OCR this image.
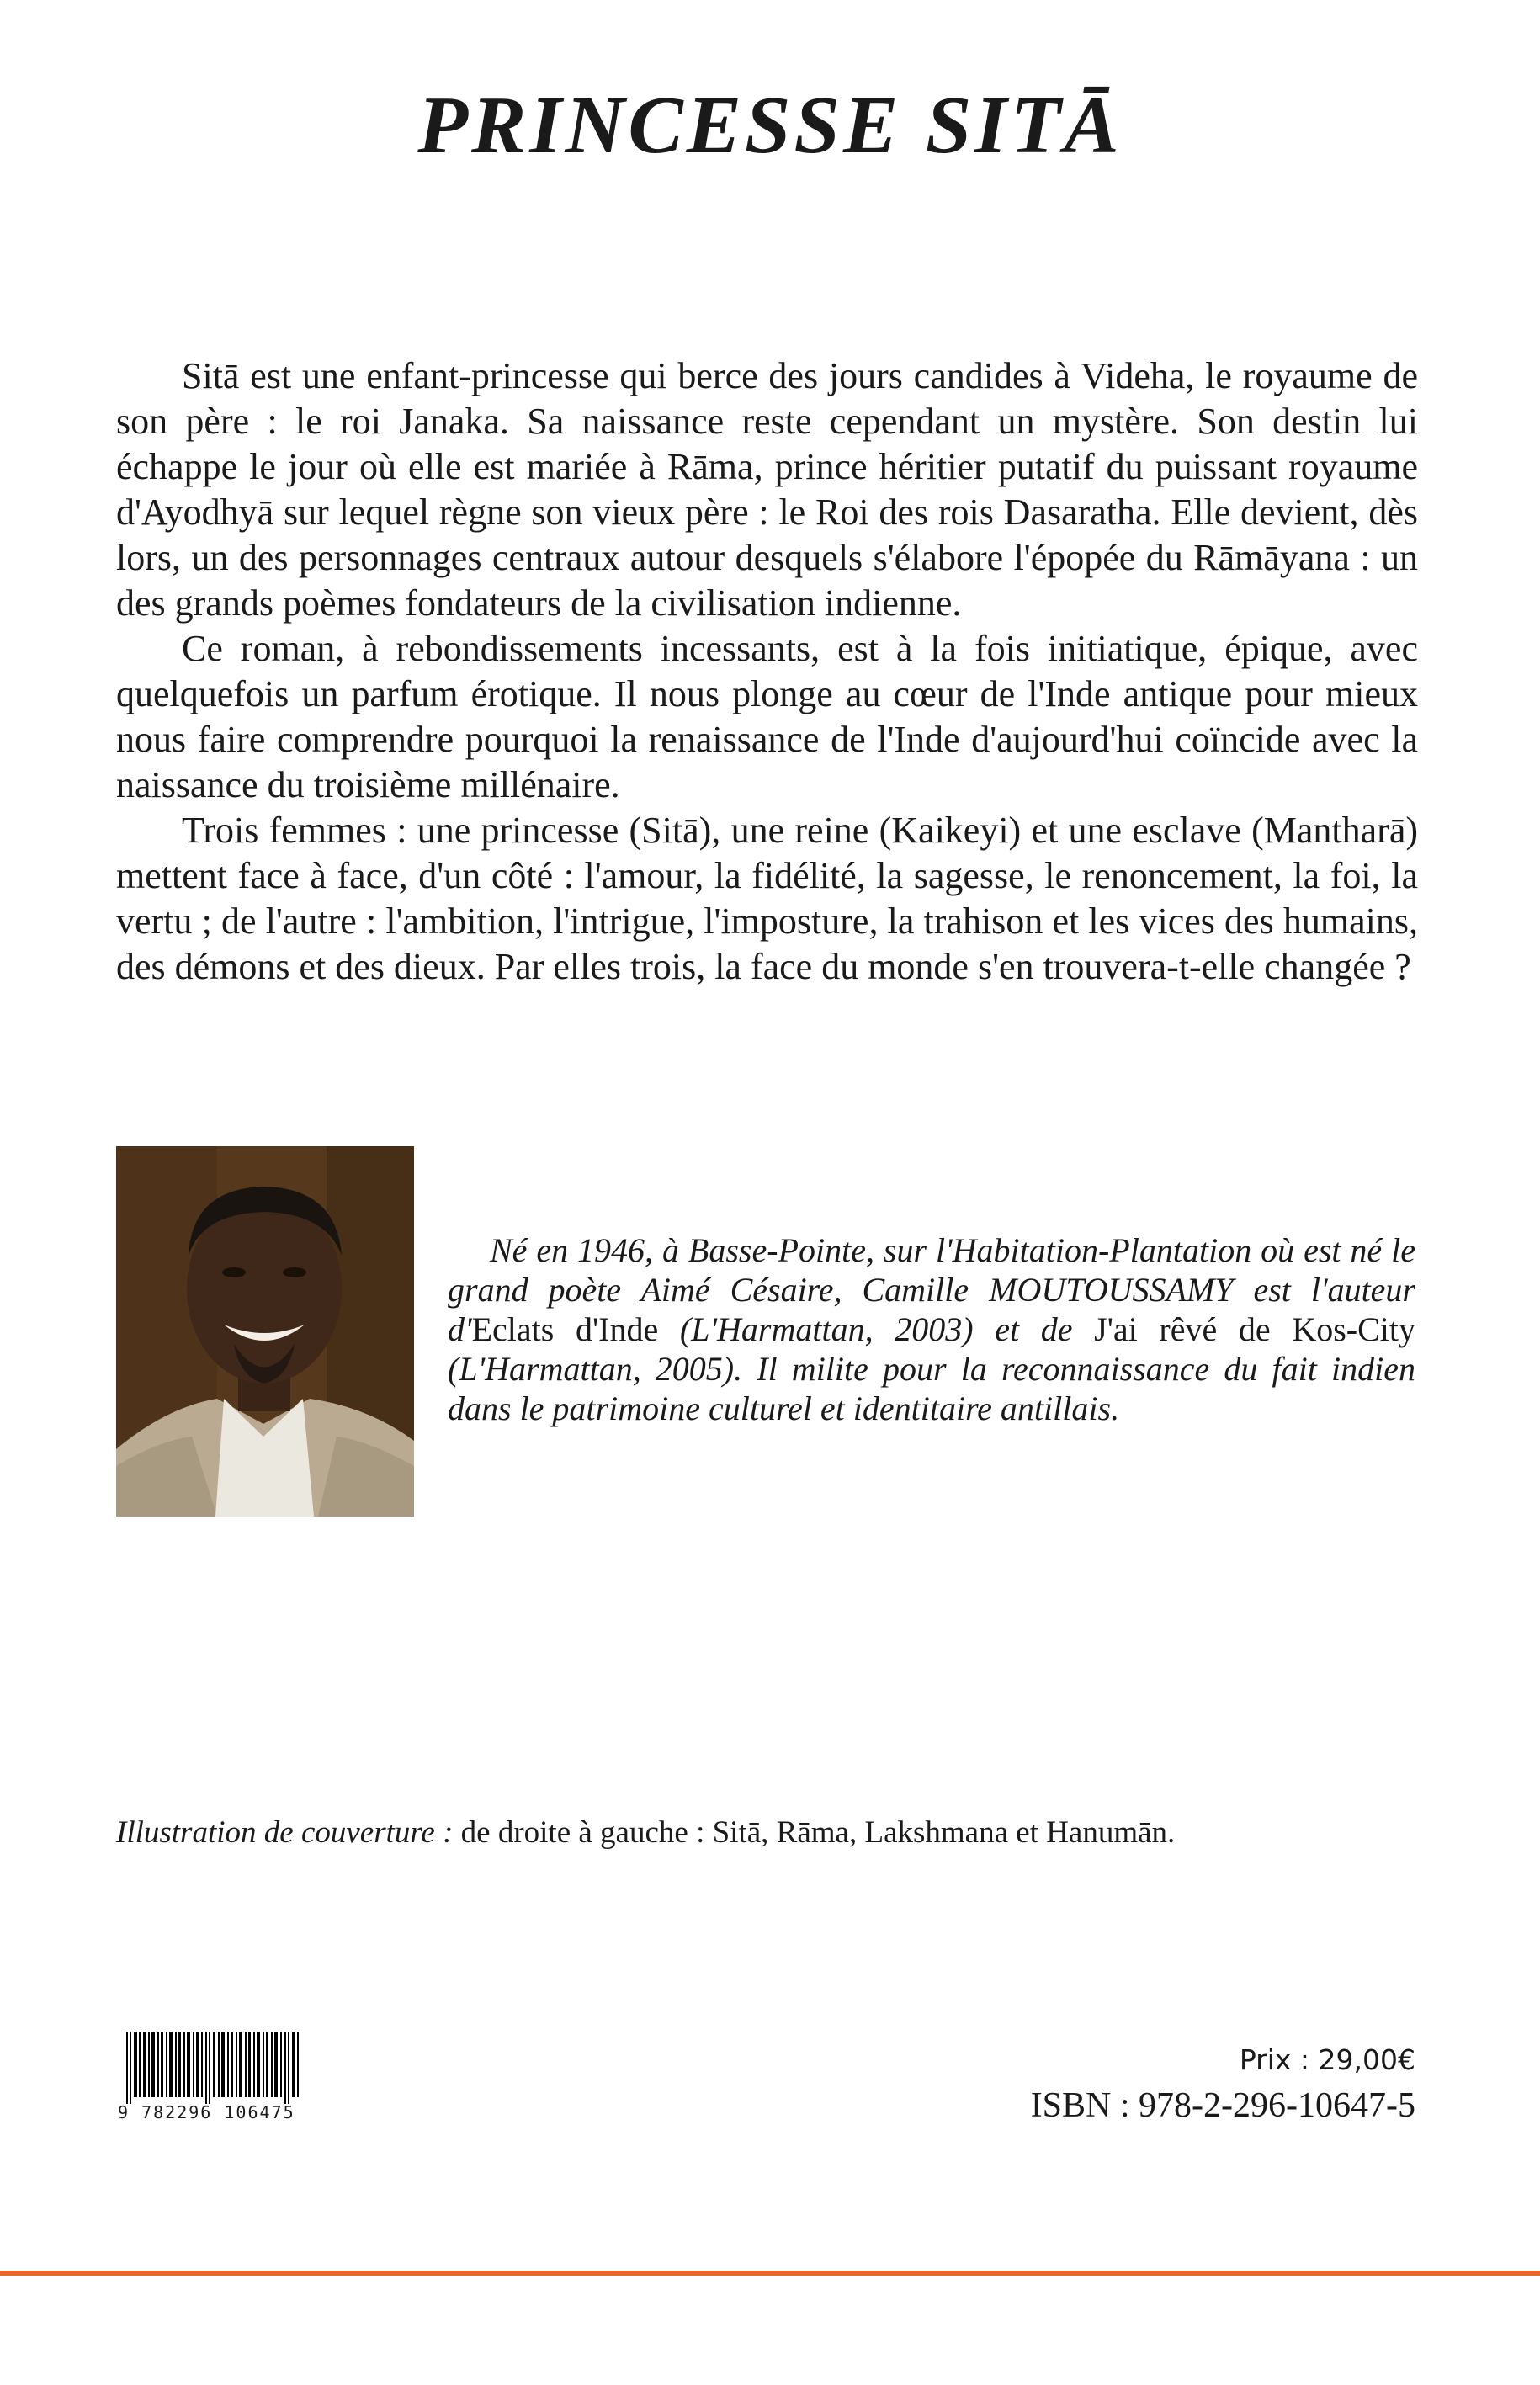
PRINCESSE SITĀ

Sitā est une enfant-princesse qui berce des jours candides à Videha, le royaume de son père : le roi Janaka. Sa naissance reste cependant un mystère. Son destin lui échappe le jour où elle est mariée à Rāma, prince héritier putatif du puissant royaume d'Ayodhyā sur lequel règne son vieux père : le Roi des rois Dasaratha. Elle devient, dès lors, un des personnages centraux autour desquels s'élabore l'épopée du Rāmāyana : un des grands poèmes fondateurs de la civilisation indienne.

Ce roman, à rebondissements incessants, est à la fois initiatique, épique, avec quelquefois un parfum érotique. Il nous plonge au cœur de l'Inde antique pour mieux nous faire comprendre pourquoi la renaissance de l'Inde d'aujourd'hui coïncide avec la naissance du troisième millénaire.

Trois femmes : une princesse (Sitā), une reine (Kaikeyi) et une esclave (Mantharā) mettent face à face, d'un côté : l'amour, la fidélité, la sagesse, le renoncement, la foi, la vertu ; de l'autre : l'ambition, l'intrigue, l'imposture, la trahison et les vices des humains, des démons et des dieux. Par elles trois, la face du monde s'en trouvera-t-elle changée ?

Né en 1946, à Basse-Pointe, sur l'Habitation-Plantation où est né le grand poète Aimé Césaire, Camille MOUTOUSSAMY est l'auteur d'Eclats d'Inde (L'Harmattan, 2003) et de J'ai rêvé de Kos-City (L'Harmattan, 2005). Il milite pour la reconnaissance du fait indien dans le patrimoine culturel et identitaire antillais.

Illustration de couverture : de droite à gauche : Sitā, Rāma, Lakshmana et Hanumān.

9 782296 106475
Prix : 29,00€
ISBN : 978-2-296-10647-5
